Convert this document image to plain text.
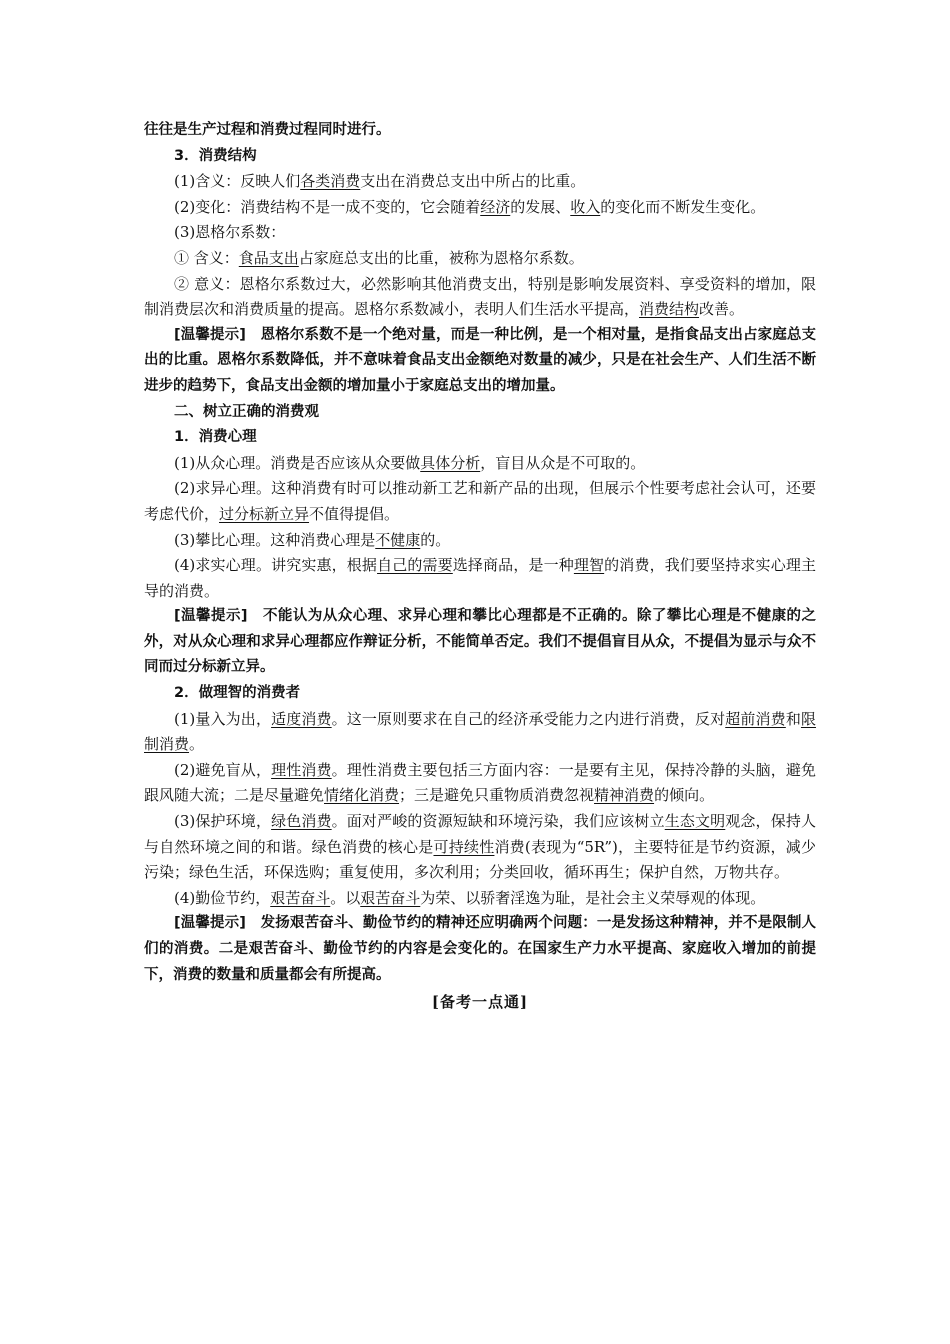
往往是生产过程和消费过程同时进行。

3．消费结构

(1)含义：反映人们各类消费支出在消费总支出中所占的比重。

(2)变化：消费结构不是一成不变的，它会随着经济的发展、收入的变化而不断发生变化。

(3)恩格尔系数：

① 含义：食品支出占家庭总支出的比重，被称为恩格尔系数。

② 意义：恩格尔系数过大，必然影响其他消费支出，特别是影响发展资料、享受资料的增加，限制消费层次和消费质量的提高。恩格尔系数减小，表明人们生活水平提高，消费结构改善。

[温馨提示]　恩格尔系数不是一个绝对量，而是一种比例，是一个相对量，是指食品支出占家庭总支出的比重。恩格尔系数降低，并不意味着食品支出金额绝对数量的减少，只是在社会生产、人们生活不断进步的趋势下，食品支出金额的增加量小于家庭总支出的增加量。

二、树立正确的消费观

1．消费心理

(1)从众心理。消费是否应该从众要做具体分析，盲目从众是不可取的。

(2)求异心理。这种消费有时可以推动新工艺和新产品的出现，但展示个性要考虑社会认可，还要考虑代价，过分标新立异不值得提倡。

(3)攀比心理。这种消费心理是不健康的。

(4)求实心理。讲究实惠，根据自己的需要选择商品，是一种理智的消费，我们要坚持求实心理主导的消费。

[温馨提示]　不能认为从众心理、求异心理和攀比心理都是不正确的。除了攀比心理是不健康的之外，对从众心理和求异心理都应作辩证分析，不能简单否定。我们不提倡盲目从众，不提倡为显示与众不同而过分标新立异。

2．做理智的消费者

(1)量入为出，适度消费。这一原则要求在自己的经济承受能力之内进行消费，反对超前消费和限制消费。

(2)避免盲从，理性消费。理性消费主要包括三方面内容：一是要有主见，保持冷静的头脑，避免跟风随大流；二是尽量避免情绪化消费；三是避免只重物质消费忽视精神消费的倾向。

(3)保护环境，绿色消费。面对严峻的资源短缺和环境污染，我们应该树立生态文明观念，保持人与自然环境之间的和谐。绿色消费的核心是可持续性消费(表现为“5R”)，主要特征是节约资源，减少污染；绿色生活，环保选购；重复使用，多次利用；分类回收，循环再生；保护自然，万物共存。

(4)勤俭节约，艰苦奋斗。以艰苦奋斗为荣、以骄奢淫逸为耻，是社会主义荣辱观的体现。

[温馨提示]　发扬艰苦奋斗、勤俭节约的精神还应明确两个问题：一是发扬这种精神，并不是限制人们的消费。二是艰苦奋斗、勤俭节约的内容是会变化的。在国家生产力水平提高、家庭收入增加的前提下，消费的数量和质量都会有所提高。

[备考一点通]
